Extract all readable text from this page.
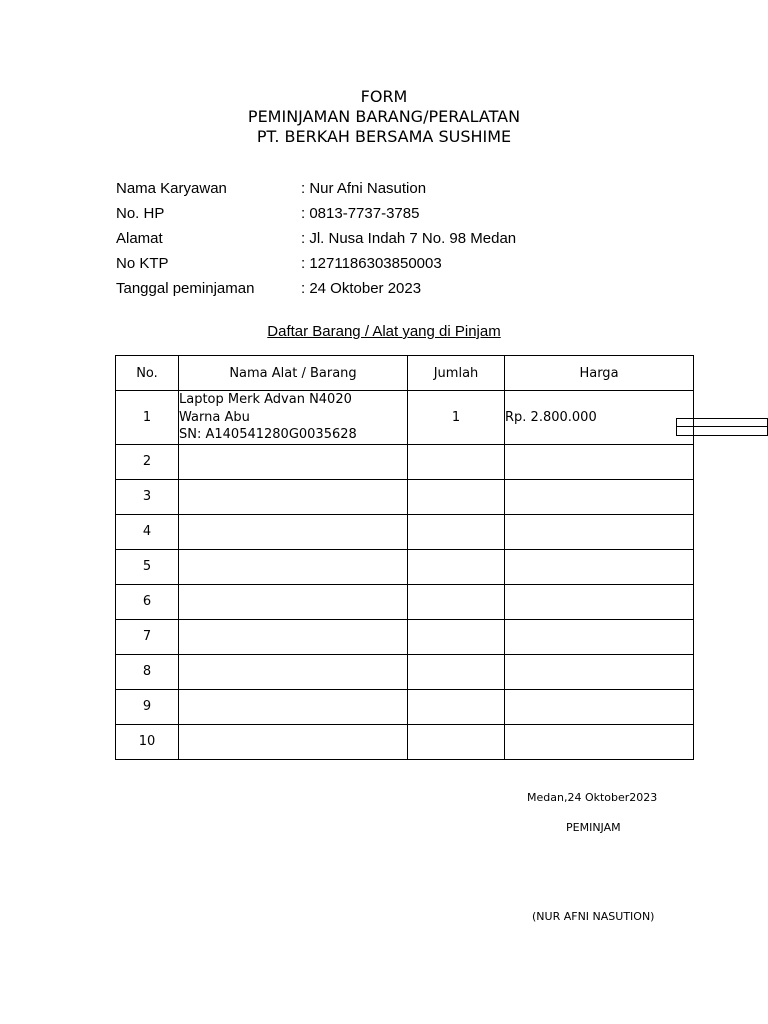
FORM
PEMINJAMAN BARANG/PERALATAN
PT. BERKAH BERSAMA SUSHIME
Nama Karyawan	: Nur Afni Nasution
No. HP	: 0813-7737-3785
Alamat	: Jl. Nusa Indah 7 No. 98 Medan
No KTP	: 1271186303850003
Tanggal peminjaman	: 24 Oktober 2023
Daftar Barang / Alat yang di Pinjam
No.	Nama Alat / Barang	Jumlah	Harga
1	Laptop Merk Advan N4020
Warna Abu
SN: A140541280G0035628	1	Rp. 2.800.000
2			
3			
4			
5			
6			
7			
8			
9			
10			
Medan,24 Oktober2023
PEMINJAM
(NUR AFNI NASUTION)
